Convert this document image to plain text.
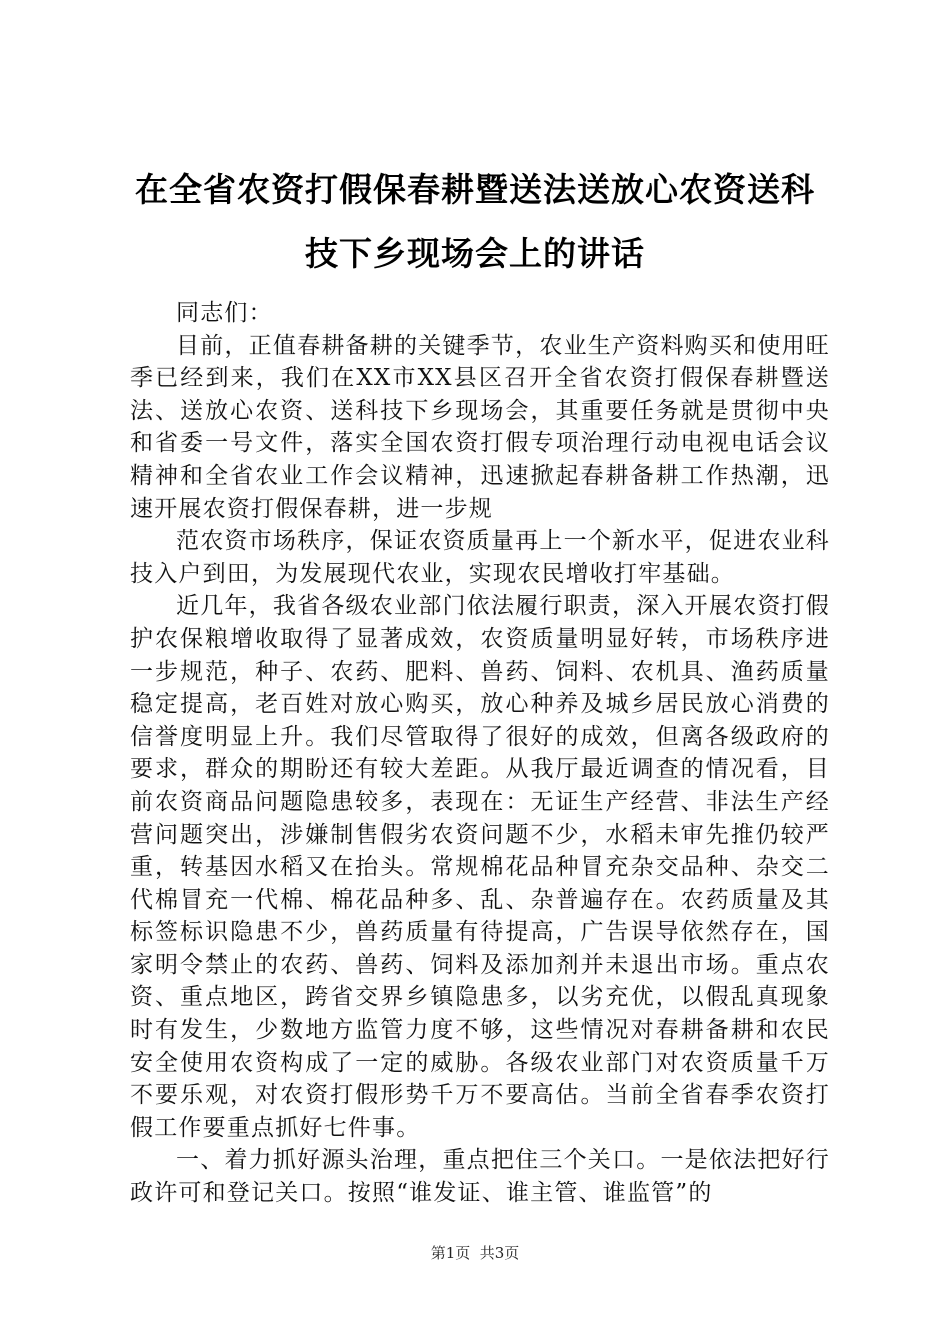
在全省农资打假保春耕暨送法送放心农资送科
技下乡现场会上的讲话

同志们：

目前，正值春耕备耕的关键季节，农业生产资料购买和使用旺季已经到来，我们在XX市XX县区召开全省农资打假保春耕暨送法、送放心农资、送科技下乡现场会，其重要任务就是贯彻中央和省委一号文件，落实全国农资打假专项治理行动电视电话会议精神和全省农业工作会议精神，迅速掀起春耕备耕工作热潮，迅速开展农资打假保春耕，进一步规

范农资市场秩序，保证农资质量再上一个新水平，促进农业科技入户到田，为发展现代农业，实现农民增收打牢基础。

近几年，我省各级农业部门依法履行职责，深入开展农资打假护农保粮增收取得了显著成效，农资质量明显好转，市场秩序进一步规范，种子、农药、肥料、兽药、饲料、农机具、渔药质量稳定提高，老百姓对放心购买，放心种养及城乡居民放心消费的信誉度明显上升。我们尽管取得了很好的成效，但离各级政府的要求，群众的期盼还有较大差距。从我厅最近调查的情况看，目前农资商品问题隐患较多，表现在：无证生产经营、非法生产经营问题突出，涉嫌制售假劣农资问题不少，水稻未审先推仍较严重，转基因水稻又在抬头。常规棉花品种冒充杂交品种、杂交二代棉冒充一代棉、棉花品种多、乱、杂普遍存在。农药质量及其标签标识隐患不少，兽药质量有待提高，广告误导依然存在，国家明令禁止的农药、兽药、饲料及添加剂并未退出市场。重点农资、重点地区，跨省交界乡镇隐患多，以劣充优，以假乱真现象时有发生，少数地方监管力度不够，这些情况对春耕备耕和农民安全使用农资构成了一定的威胁。各级农业部门对农资质量千万不要乐观，对农资打假形势千万不要高估。当前全省春季农资打假工作要重点抓好七件事。

一、着力抓好源头治理，重点把住三个关口。一是依法把好行政许可和登记关口。按照“谁发证、谁主管、谁监管”的

第1页  共3页
